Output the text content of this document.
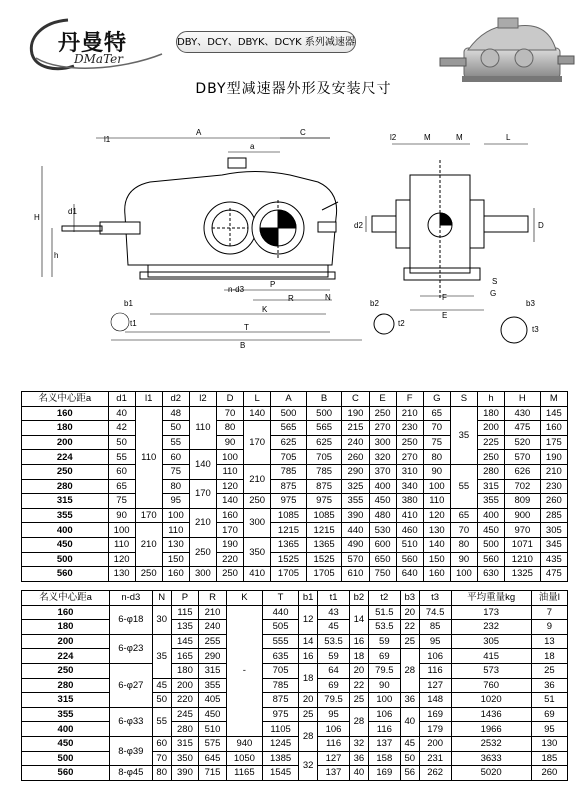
丹曼特
DMaTer
DBY、DCY、DBYK、DCYK 系列减速器
DBY型减速器外形及安装尺寸
A
a
l1
C
H
d1
h
n-d3
P
R
K
T
B
N
b1
t1
l2	M	M	L
d2	D
S
G
F
E
b2
t2
b3
t3
名义中心距a	d1	l1	d2	l2	D	L	A	B	C	E	F	G	S	h	H	M
160	40	110	48	110	70	140	500	500	190	250	210	65	35	180	430	145
180	42		50		80	170	565	565	215	270	230	70		200	475	160
200	50		55		90		625	625	240	300	250	75		225	520	175
224	55		60	140	100		705	705	260	320	270	80		250	570	190
250	60		75		110	210	785	785	290	370	310	90	55	280	626	210
280	65		80	170	120		875	875	325	400	340	100		315	702	230
315	75		95		140	250	975	975	355	450	380	110		355	809	260
355	90	170	100	210	160	300	1085	1085	390	480	410	120	65	400	900	285
400	100	210	110		170		1215	1215	440	530	460	130	70	450	970	305
450	110		130	250	190	350	1365	1365	490	600	510	140	80	500	1071	345
500	120		150		220		1525	1525	570	650	560	150	90	560	1210	435
560	130	250	160	300	250	410	1705	1705	610	750	640	160	100	630	1325	475
名义中心距a	n-d3	N	P	R	K	T	b1	t1	b2	t2	b3	t3	平均重量kg	油量l
160	6-φ18	30	115	210	-	440	12	43	14	51.5	20	74.5	173	7
180			135	240		505		45		53.5	22	85	232	9
200	6-φ23	35	145	255		555	14	53.5	16	59	25	95	305	13
224			165	290		635	16	59	18	69	28	106	415	18
250	6-φ27		180	315		705	18	64	20	79.5		116	573	25
280		45	200	355		785		69	22	90		127	760	36
315		50	220	405		875	20	79.5	25	100	36	148	1020	51
355	6-φ33	55	245	450		975	25	95	28	106	40	169	1436	69
400			280	510		1105	28	106		116		179	1966	95
450	8-φ39	60	315	575	940	1245		116	32	137	45	200	2532	130
500		70	350	645	1050	1385	32	127	36	158	50	231	3633	185
560	8-φ45	80	390	715	1165	1545		137	40	169	56	262	5020	260
